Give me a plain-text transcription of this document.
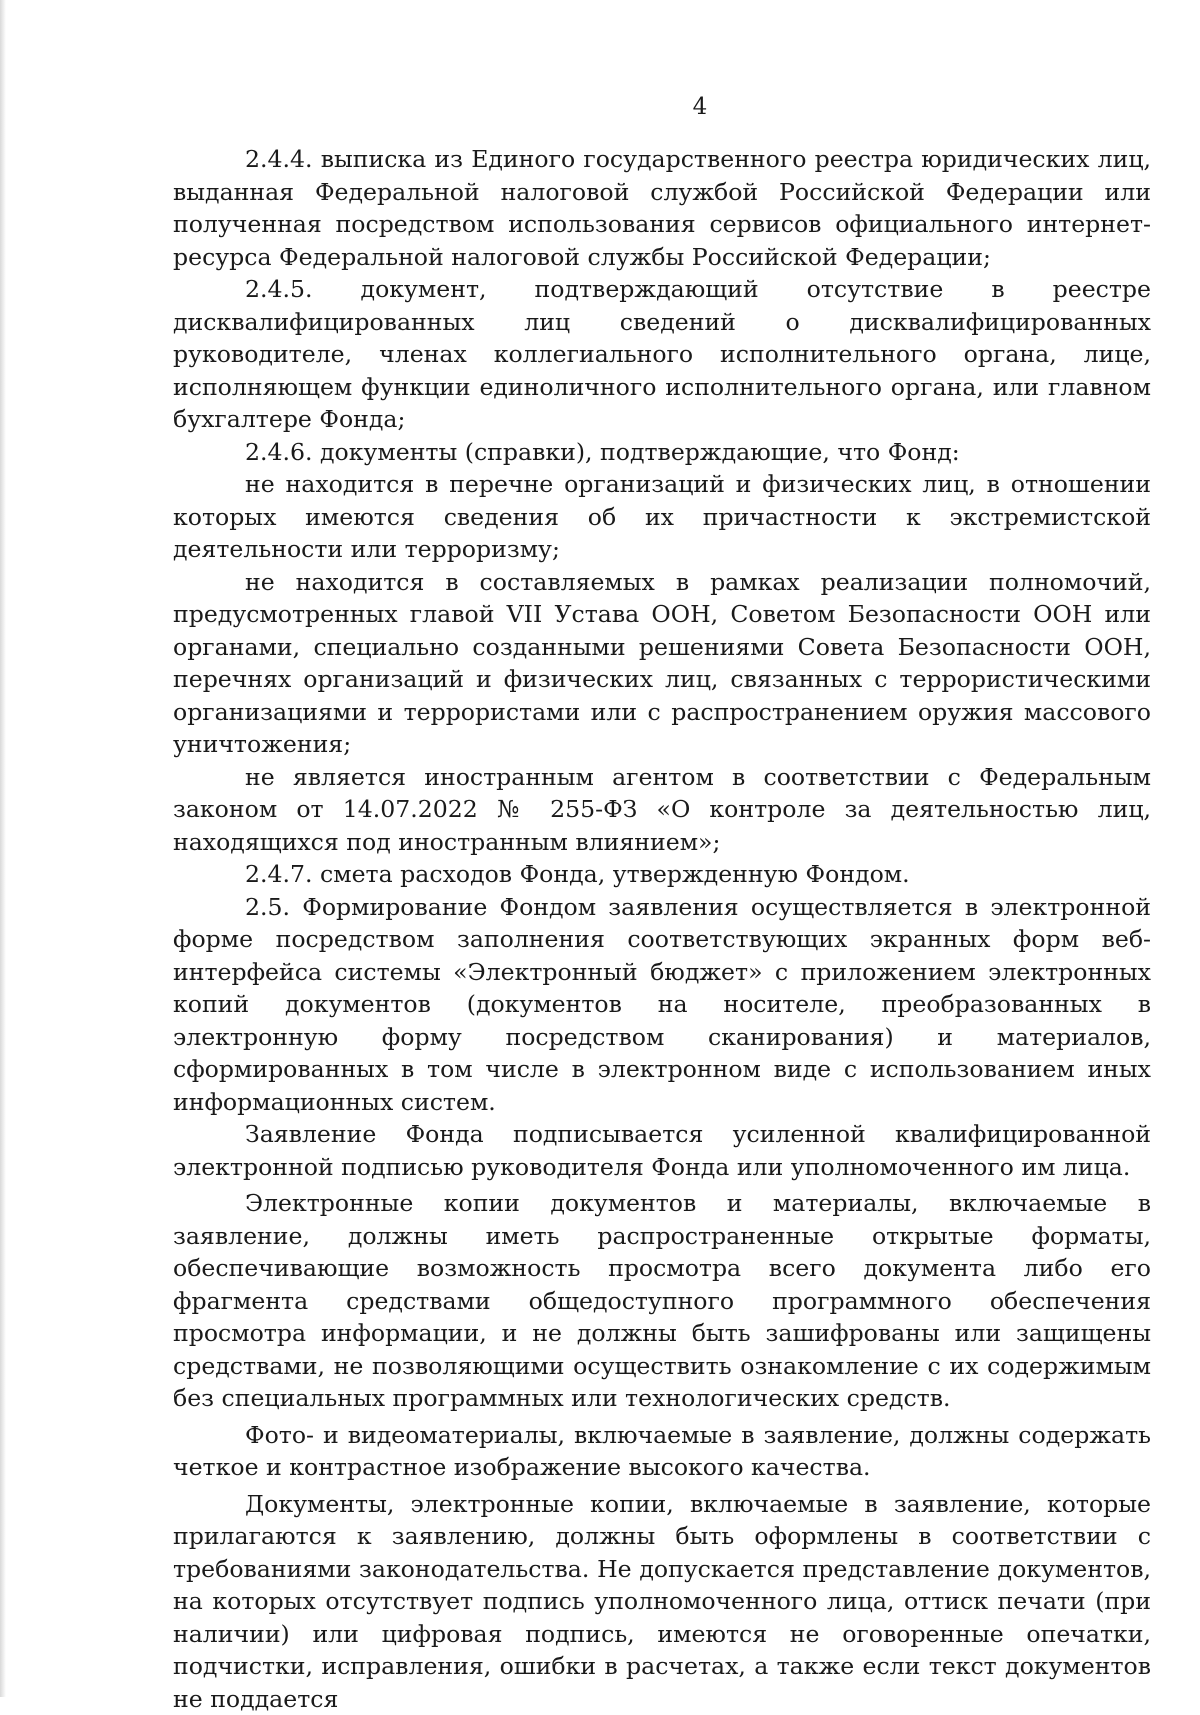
4

2.4.4. выписка из Единого государственного реестра юридических лиц, выданная Федеральной налоговой службой Российской Федерации или полученная посредством использования сервисов официального интернет-ресурса Федеральной налоговой службы Российской Федерации;

2.4.5. документ, подтверждающий отсутствие в реестре дисквалифицированных лиц сведений о дисквалифицированных руководителе, членах коллегиального исполнительного органа, лице, исполняющем функции единоличного исполнительного органа, или главном бухгалтере Фонда;

2.4.6. документы (справки), подтверждающие, что Фонд:

не находится в перечне организаций и физических лиц, в отношении которых имеются сведения об их причастности к экстремистской деятельности или терроризму;

не находится в составляемых в рамках реализации полномочий, предусмотренных главой VII Устава ООН, Советом Безопасности ООН или органами, специально созданными решениями Совета Безопасности ООН, перечнях организаций и физических лиц, связанных с террористическими организациями и террористами или с распространением оружия массового уничтожения;

не является иностранным агентом в соответствии с Федеральным законом от 14.07.2022 № 255-ФЗ «О контроле за деятельностью лиц, находящихся под иностранным влиянием»;

2.4.7. смета расходов Фонда, утвержденную Фондом.

2.5. Формирование Фондом заявления осуществляется в электронной форме посредством заполнения соответствующих экранных форм веб-интерфейса системы «Электронный бюджет» с приложением электронных копий документов (документов на носителе, преобразованных в электронную форму посредством сканирования) и материалов, сформированных в том числе в электронном виде с использованием иных информационных систем.

Заявление Фонда подписывается усиленной квалифицированной электронной подписью руководителя Фонда или уполномоченного им лица.

Электронные копии документов и материалы, включаемые в заявление, должны иметь распространенные открытые форматы, обеспечивающие возможность просмотра всего документа либо его фрагмента средствами общедоступного программного обеспечения просмотра информации, и не должны быть зашифрованы или защищены средствами, не позволяющими осуществить ознакомление с их содержимым без специальных программных или технологических средств.

Фото- и видеоматериалы, включаемые в заявление, должны содержать четкое и контрастное изображение высокого качества.

Документы, электронные копии, включаемые в заявление, которые прилагаются к заявлению, должны быть оформлены в соответствии с требованиями законодательства. Не допускается представление документов, на которых отсутствует подпись уполномоченного лица, оттиск печати (при наличии) или цифровая подпись, имеются не оговоренные опечатки, подчистки, исправления, ошибки в расчетах, а также если текст документов не поддается
